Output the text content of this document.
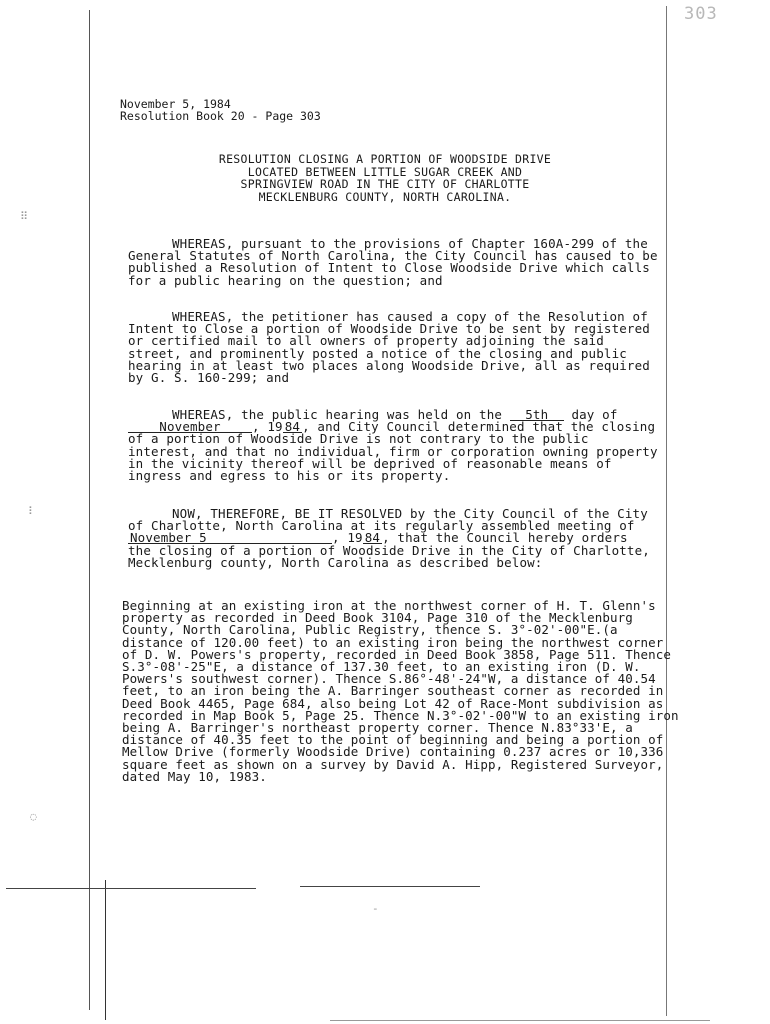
⠿
⠇
◌
-
303
November 5, 1984
Resolution Book 20 - Page 303
RESOLUTION CLOSING A PORTION OF WOODSIDE DRIVE
LOCATED BETWEEN LITTLE SUGAR CREEK AND
SPRINGVIEW ROAD IN THE CITY OF CHARLOTTE
MECKLENBURG COUNTY, NORTH CAROLINA.
WHEREAS, pursuant to the provisions of Chapter 160A-299 of the General Statutes of North Carolina, the City Council has caused to be published a Resolution of Intent to Close Woodside Drive which calls for a public hearing on the question; and
WHEREAS, the petitioner has caused a copy of the Resolution of Intent to Close a portion of Woodside Drive to be sent by registered or certified mail to all owners of property adjoining the said street, and prominently posted a notice of the closing and public hearing in at least two places along Woodside Drive, all as required by G. S. 160-299; and
WHEREAS, the public hearing was held on the 5th day of November	, 19 84 , and City Council determined that the closing of a portion of Woodside Drive is not contrary to the public interest, and that no individual, firm or corporation owning property in the vicinity thereof will be deprived of reasonable means of ingress and egress to his or its property.
NOW, THEREFORE, BE IT RESOLVED by the City Council of the City of Charlotte, North Carolina at its regularly assembled meeting of November 5	, 19 84 , that the Council hereby orders the closing of a portion of Woodside Drive in the City of Charlotte, Mecklenburg county, North Carolina as described below:
Beginning at an existing iron at the northwest corner of H. T. Glenn's property as recorded in Deed Book 3104, Page 310 of the Mecklenburg County, North Carolina, Public Registry, thence S. 3°-02'-00"E.(a distance of 120.00 feet) to an existing iron being the northwest corner of D. W. Powers's property, recorded in Deed Book 3858, Page 511. Thence S.3°-08'-25"E, a distance of 137.30 feet, to an existing iron (D. W. Powers's southwest corner). Thence S.86°-48'-24"W, a distance of 40.54 feet, to an iron being the A. Barringer southeast corner as recorded in Deed Book 4465, Page 684, also being Lot 42 of Race-Mont subdivision as recorded in Map Book 5, Page 25. Thence N.3°-02'-00"W to an existing iron being A. Barringer's northeast property corner. Thence N.83°33'E, a distance of 40.35 feet to the point of beginning and being a portion of Mellow Drive (formerly Woodside Drive) containing 0.237 acres or 10,336 square feet as shown on a survey by David A. Hipp, Registered Surveyor, dated May 10, 1983.
